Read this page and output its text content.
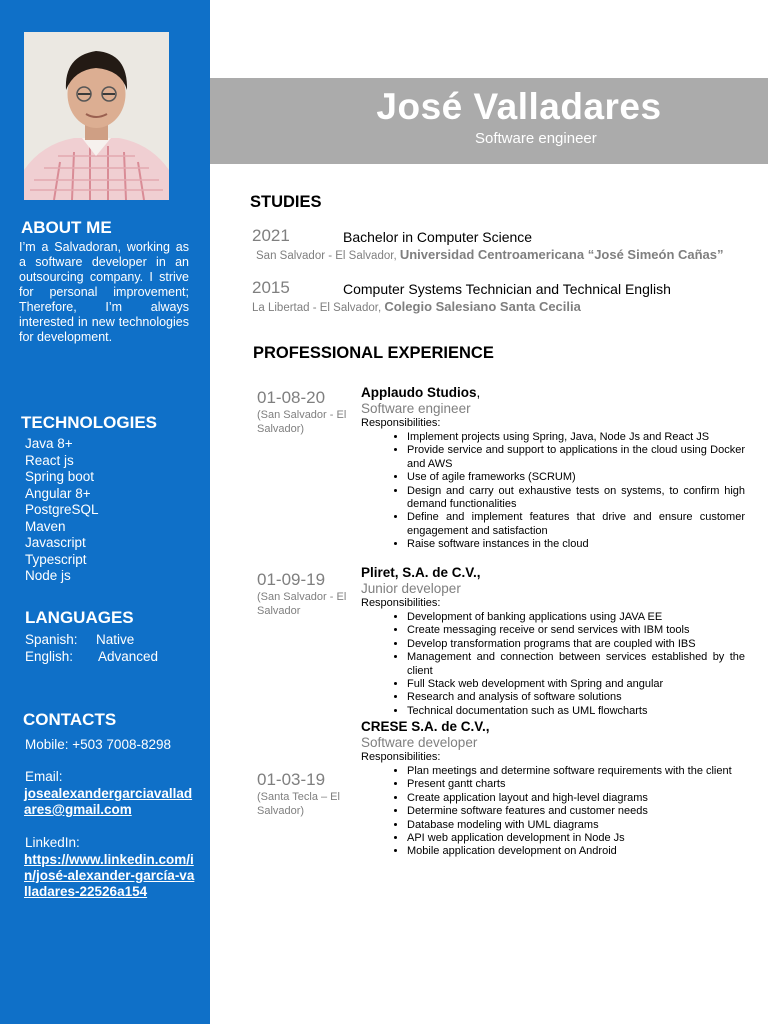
José Valladares
Software engineer
ABOUT ME
I’m a Salvadoran, working as a software developer in an outsourcing company. I strive for personal improvement; Therefore, I’m always interested in new technologies for development.
TECHNOLOGIES
Java 8+
React js
Spring boot
Angular 8+
PostgreSQL
Maven
Javascript
Typescript
Node js
LANGUAGES
Spanish: Native
English: Advanced
CONTACTS
Mobile: +503 7008-8298
Email:
josealexandergarciavalladares@gmail.com
LinkedIn:
https://www.linkedin.com/in/josé-alexander-garcía-valladares-22526a154
STUDIES
2021	Bachelor in Computer Science
San Salvador - El Salvador, Universidad Centroamericana “José Simeón Cañas”
2015	Computer Systems Technician and Technical English
La Libertad - El Salvador, Colegio Salesiano Santa Cecilia
PROFESSIONAL EXPERIENCE
01-08-20
(San Salvador - El Salvador)
Applaudo Studios,
Software engineer
Responsibilities:
• Implement projects using Spring, Java, Node Js and React JS
• Provide service and support to applications in the cloud using Docker and AWS
• Use of agile frameworks (SCRUM)
• Design and carry out exhaustive tests on systems, to confirm high demand functionalities
• Define and implement features that drive and ensure customer engagement and satisfaction
• Raise software instances in the cloud
01-09-19
(San Salvador - El Salvador
Pliret, S.A. de C.V.,
Junior developer
Responsibilities:
• Development of banking applications using JAVA EE
• Create messaging receive or send services with IBM tools
• Develop transformation programs that are coupled with IBS
• Management and connection between services established by the client
• Full Stack web development with Spring and angular
• Research and analysis of software solutions
• Technical documentation such as UML flowcharts
01-03-19
(Santa Tecla – El Salvador)
CRESE S.A. de C.V.,
Software developer
Responsibilities:
• Plan meetings and determine software requirements with the client
• Present gantt charts
• Create application layout and high-level diagrams
• Determine software features and customer needs
• Database modeling with UML diagrams
• API web application development in Node Js
• Mobile application development on Android
